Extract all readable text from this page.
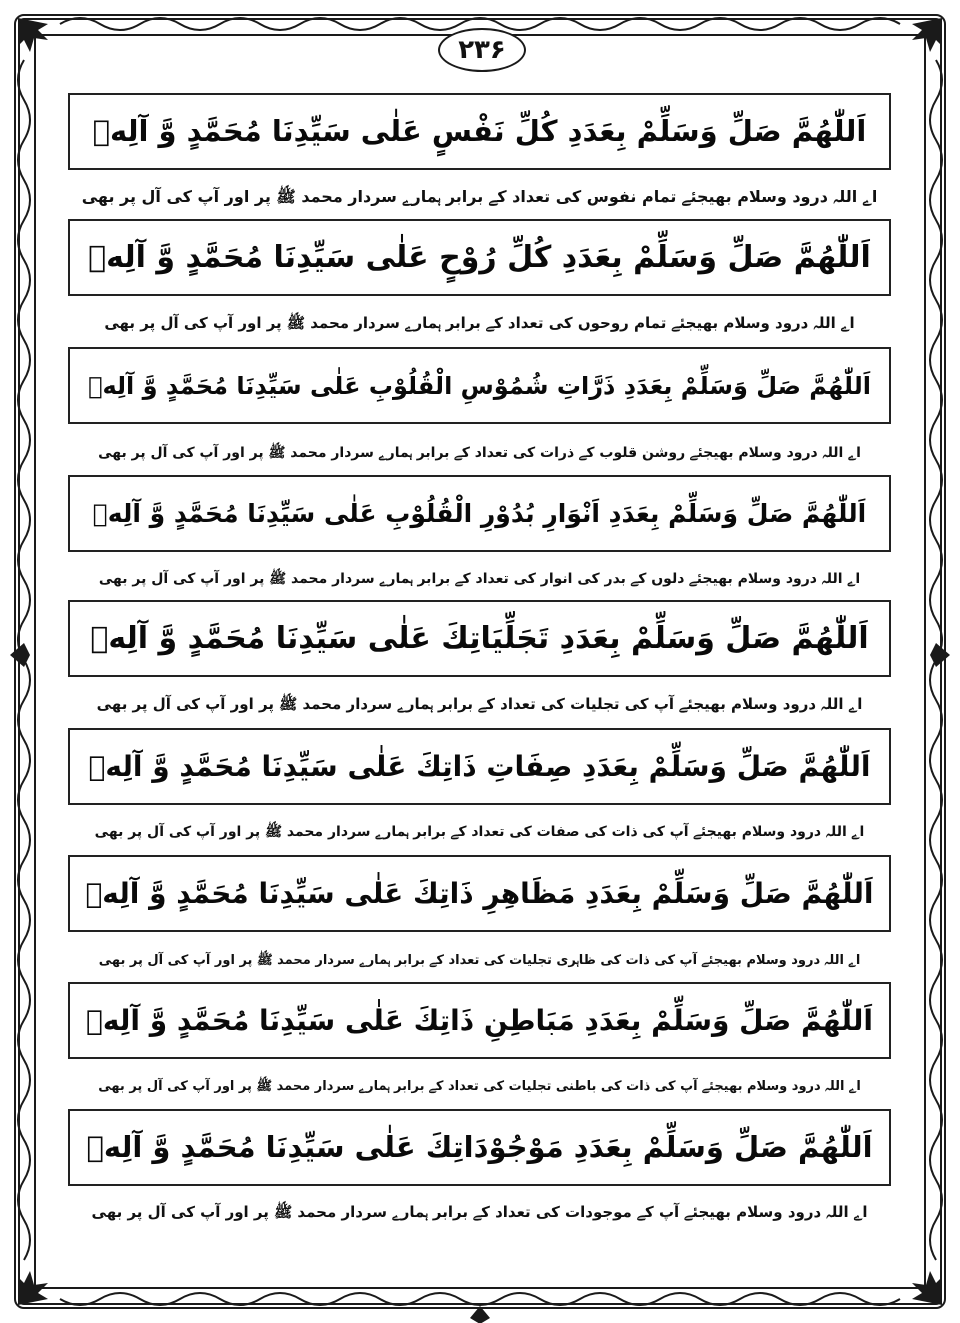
۲۳۶
اَللّٰهُمَّ صَلِّ وَسَلِّمْ بِعَدَدِ كُلِّ نَفْسٍ عَلٰى سَيِّدِنَا مُحَمَّدٍ وَّ آلِهٖ
اے اللہ درود وسلام بھیجئے تمام نفوس کی تعداد کے برابر ہمارے سردار محمد ﷺ پر اور آپ کی آل پر بھی
اَللّٰهُمَّ صَلِّ وَسَلِّمْ بِعَدَدِ كُلِّ رُوْحٍ عَلٰى سَيِّدِنَا مُحَمَّدٍ وَّ آلِهٖ
اے اللہ درود وسلام بھیجئے تمام روحوں کی تعداد کے برابر ہمارے سردار محمد ﷺ پر اور آپ کی آل پر بھی
اَللّٰهُمَّ صَلِّ وَسَلِّمْ بِعَدَدِ ذَرَّاتِ شُمُوْسِ الْقُلُوْبِ عَلٰى سَيِّدِنَا مُحَمَّدٍ وَّ آلِهٖ
اے اللہ درود وسلام بھیجئے روشن قلوب کے ذرات کی تعداد کے برابر ہمارے سردار محمد ﷺ پر اور آپ کی آل پر بھی
اَللّٰهُمَّ صَلِّ وَسَلِّمْ بِعَدَدِ اَنْوَارِ بُدُوْرِ الْقُلُوْبِ عَلٰى سَيِّدِنَا مُحَمَّدٍ وَّ آلِهٖ
اے اللہ درود وسلام بھیجئے دلوں کے بدر کی انوار کی تعداد کے برابر ہمارے سردار محمد ﷺ پر اور آپ کی آل پر بھی
اَللّٰهُمَّ صَلِّ وَسَلِّمْ بِعَدَدِ تَجَلِّيَاتِكَ عَلٰى سَيِّدِنَا مُحَمَّدٍ وَّ آلِهٖ
اے اللہ درود وسلام بھیجئے آپ کی تجلیات کی تعداد کے برابر ہمارے سردار محمد ﷺ پر اور آپ کی آل پر بھی
اَللّٰهُمَّ صَلِّ وَسَلِّمْ بِعَدَدِ صِفَاتِ ذَاتِكَ عَلٰى سَيِّدِنَا مُحَمَّدٍ وَّ آلِهٖ
اے اللہ درود وسلام بھیجئے آپ کی ذات کی صفات کی تعداد کے برابر ہمارے سردار محمد ﷺ پر اور آپ کی آل پر بھی
اَللّٰهُمَّ صَلِّ وَسَلِّمْ بِعَدَدِ مَظَاهِرِ ذَاتِكَ عَلٰى سَيِّدِنَا مُحَمَّدٍ وَّ آلِهٖ
اے اللہ درود وسلام بھیجئے آپ کی ذات کی ظاہری تجلیات کی تعداد کے برابر ہمارے سردار محمد ﷺ پر اور آپ کی آل پر بھی
اَللّٰهُمَّ صَلِّ وَسَلِّمْ بِعَدَدِ مَبَاطِنِ ذَاتِكَ عَلٰى سَيِّدِنَا مُحَمَّدٍ وَّ آلِهٖ
اے اللہ درود وسلام بھیجئے آپ کی ذات کی باطنی تجلیات کی تعداد کے برابر ہمارے سردار محمد ﷺ پر اور آپ کی آل پر بھی
اَللّٰهُمَّ صَلِّ وَسَلِّمْ بِعَدَدِ مَوْجُوْدَاتِكَ عَلٰى سَيِّدِنَا مُحَمَّدٍ وَّ آلِهٖ
اے اللہ درود وسلام بھیجئے آپ کے موجودات کی تعداد کے برابر ہمارے سردار محمد ﷺ پر اور آپ کی آل پر بھی
